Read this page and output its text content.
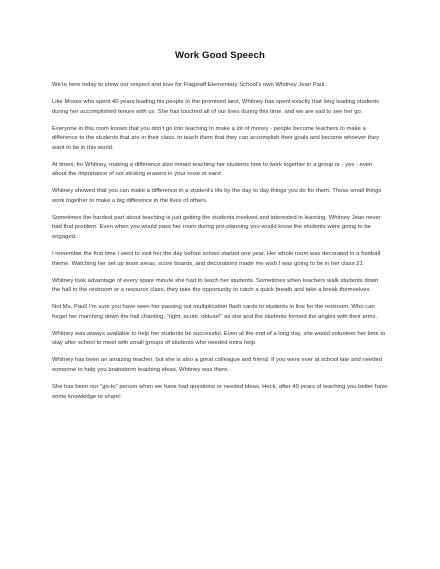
Work Good Speech

We're here today to show our respect and love for Flagstaff Elementary School's own Whitney Jean Paul.

Like Moses who spent 40 years leading his people to the promised land, Whitney has spent exactly that long leading students during her accomplished tenure with us. She has touched all of our lives during this time, and we are sad to see her go.

Everyone in this room knows that you don't go into teaching to make a lot of money - people become teachers to make a difference to the students that are in their class, to teach them that they can accomplish their goals and become whoever they want to be in this world.

At times, for Whitney, making a difference also meant teaching her students how to work together in a group or - yes - even about the importance of not sticking erasers in your nose or ears!

Whitney showed that you can make a difference in a student's life by the day to day things you do for them. Those small things work together to make a big difference in the lives of others.

Sometimes the hardest part about teaching is just getting the students involved and interested in learning. Whitney Jean never had that problem. Even when you would pass her room during pre-planning you would know the students were going to be engaged.

I remember the first time I went to visit her the day before school started one year. Her whole room was decorated in a football theme. Watching her set up team areas, score boards, and decorations made me wish I was going to be in her class 21

Whitney took advantage of every spare minute she had to teach her students. Sometimes when teachers walk students down the hall to the restroom or a resource class, they take the opportunity to catch a quick breath and take a break themselves.

Not Ms. Paul! I'm sure you have seen her passing out multiplication flash cards to students in line for the restroom. Who can forget her marching down the hall chanting, "right, acute, obtuse!" as she and the students formed the angles with their arms.

Whitney was always available to help her students be successful. Even at the end of a long day, she would volunteer her time to stay after school to meet with small groups of students who needed extra help.

Whitney has been an amazing teacher, but she is also a great colleague and friend. If you were ever at school late and needed someone to help you brainstorm teaching ideas, Whitney was there.

She has been our "go-to" person when we have had questions or needed ideas. Heck, after 40 years of teaching you better have some knowledge to share!
